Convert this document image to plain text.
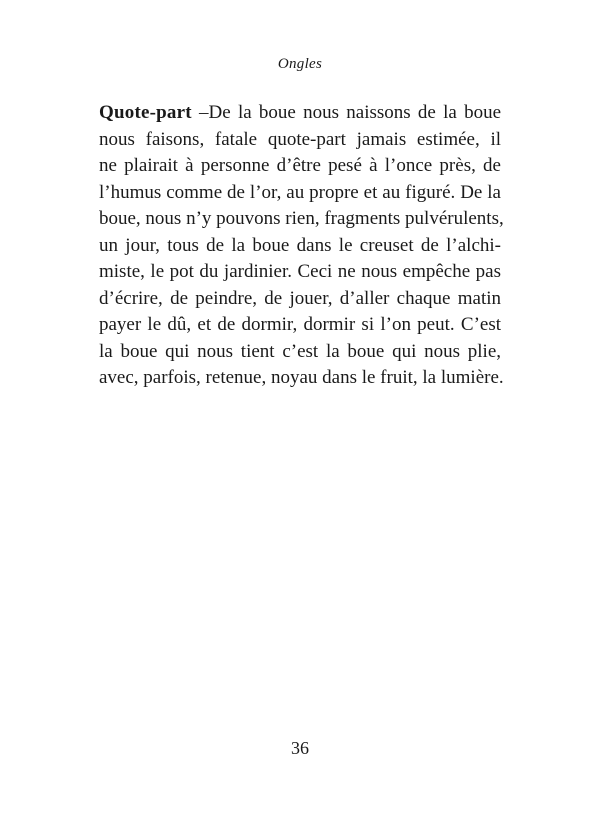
Ongles
Quote-part –De la boue nous naissons de la boue
nous faisons, fatale quote-part jamais estimée, il
ne plairait à personne d’être pesé à l’once près, de
l’humus comme de l’or, au propre et au figuré. De la
boue, nous n’y pouvons rien, fragments pulvérulents,
un jour, tous de la boue dans le creuset de l’alchi-
miste, le pot du jardinier. Ceci ne nous empêche pas
d’écrire, de peindre, de jouer, d’aller chaque matin
payer le dû, et de dormir, dormir si l’on peut. C’est
la boue qui nous tient c’est la boue qui nous plie,
avec, parfois, retenue, noyau dans le fruit, la lumière.
36
